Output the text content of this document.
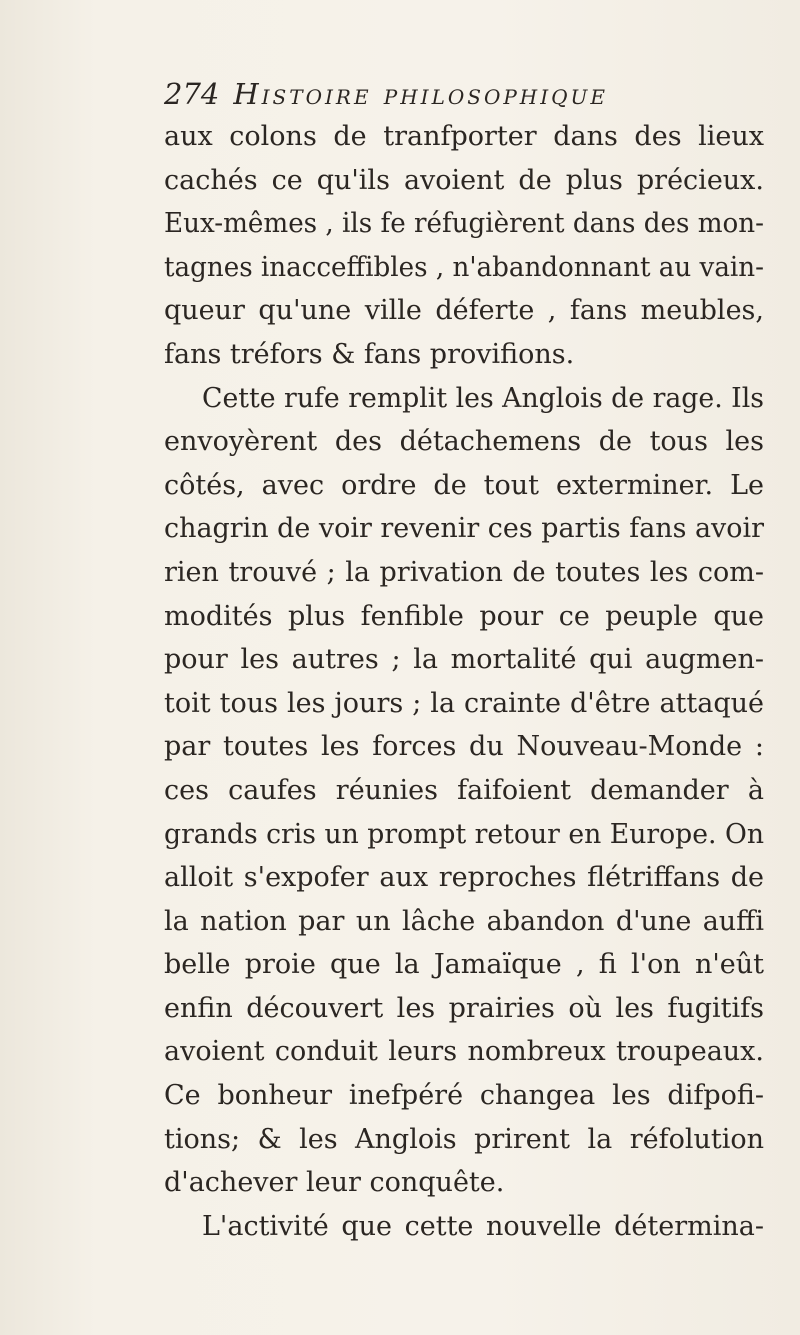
274 Histoire philosophique
aux colons de tranfporter dans des lieux
cachés ce qu'ils avoient de plus précieux.
Eux-mêmes , ils fe réfugièrent dans des mon-
tagnes inacceffibles , n'abandonnant au vain-
queur qu'une ville déferte , fans meubles,
fans tréfors & fans provifions.
Cette rufe remplit les Anglois de rage. Ils
envoyèrent des détachemens de tous les
côtés, avec ordre de tout exterminer. Le
chagrin de voir revenir ces partis fans avoir
rien trouvé ; la privation de toutes les com-
modités plus fenfible pour ce peuple que
pour les autres ; la mortalité qui augmen-
toit tous les jours ; la crainte d'être attaqué
par toutes les forces du Nouveau-Monde :
ces caufes réunies faifoient demander à
grands cris un prompt retour en Europe. On
alloit s'expofer aux reproches flétriffans de
la nation par un lâche abandon d'une auffi
belle proie que la Jamaïque , fi l'on n'eût
enfin découvert les prairies où les fugitifs
avoient conduit leurs nombreux troupeaux.
Ce bonheur inefpéré changea les difpofi-
tions; & les Anglois prirent la réfolution
d'achever leur conquête.
L'activité que cette nouvelle détermina-
